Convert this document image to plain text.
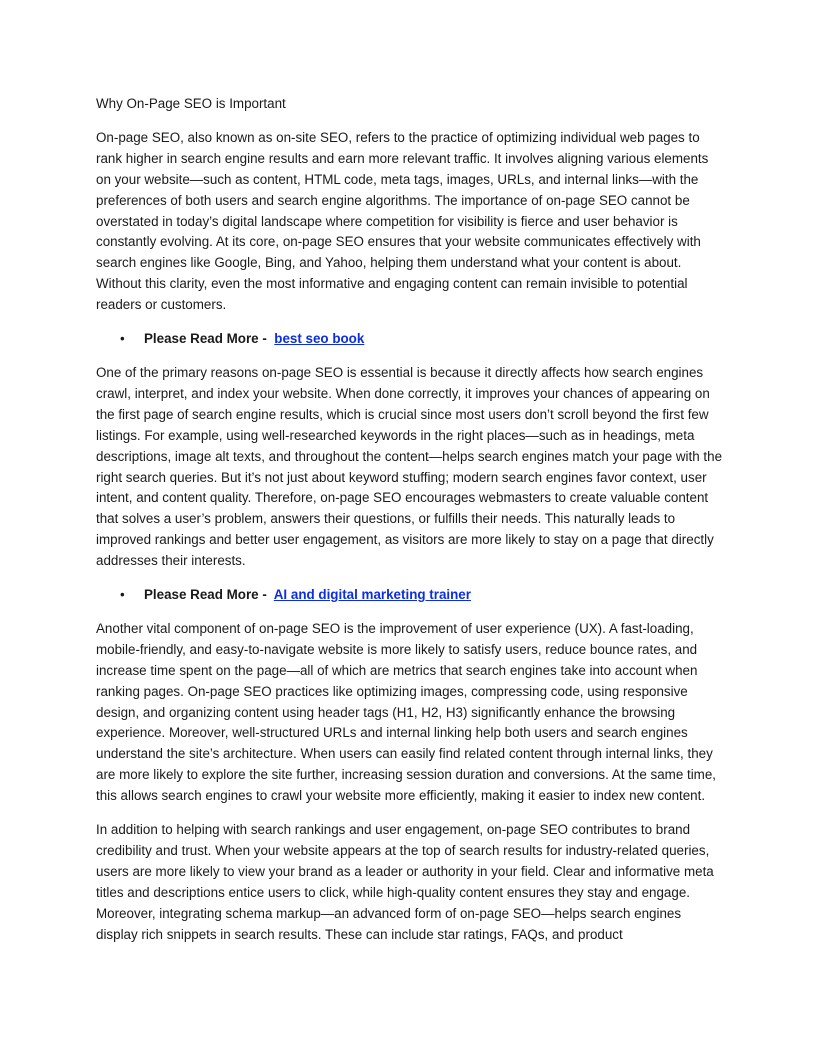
Why On-Page SEO is Important

On-page SEO, also known as on-site SEO, refers to the practice of optimizing individual web pages to rank higher in search engine results and earn more relevant traffic. It involves aligning various elements on your website—such as content, HTML code, meta tags, images, URLs, and internal links—with the preferences of both users and search engine algorithms. The importance of on-page SEO cannot be overstated in today’s digital landscape where competition for visibility is fierce and user behavior is constantly evolving. At its core, on-page SEO ensures that your website communicates effectively with search engines like Google, Bing, and Yahoo, helping them understand what your content is about. Without this clarity, even the most informative and engaging content can remain invisible to potential readers or customers.

• Please Read More - best seo book

One of the primary reasons on-page SEO is essential is because it directly affects how search engines crawl, interpret, and index your website. When done correctly, it improves your chances of appearing on the first page of search engine results, which is crucial since most users don’t scroll beyond the first few listings. For example, using well-researched keywords in the right places—such as in headings, meta descriptions, image alt texts, and throughout the content—helps search engines match your page with the right search queries. But it’s not just about keyword stuffing; modern search engines favor context, user intent, and content quality. Therefore, on-page SEO encourages webmasters to create valuable content that solves a user’s problem, answers their questions, or fulfills their needs. This naturally leads to improved rankings and better user engagement, as visitors are more likely to stay on a page that directly addresses their interests.

• Please Read More - AI and digital marketing trainer

Another vital component of on-page SEO is the improvement of user experience (UX). A fast-loading, mobile-friendly, and easy-to-navigate website is more likely to satisfy users, reduce bounce rates, and increase time spent on the page—all of which are metrics that search engines take into account when ranking pages. On-page SEO practices like optimizing images, compressing code, using responsive design, and organizing content using header tags (H1, H2, H3) significantly enhance the browsing experience. Moreover, well-structured URLs and internal linking help both users and search engines understand the site’s architecture. When users can easily find related content through internal links, they are more likely to explore the site further, increasing session duration and conversions. At the same time, this allows search engines to crawl your website more efficiently, making it easier to index new content.

In addition to helping with search rankings and user engagement, on-page SEO contributes to brand credibility and trust. When your website appears at the top of search results for industry-related queries, users are more likely to view your brand as a leader or authority in your field. Clear and informative meta titles and descriptions entice users to click, while high-quality content ensures they stay and engage. Moreover, integrating schema markup—an advanced form of on-page SEO—helps search engines display rich snippets in search results. These can include star ratings, FAQs, and product
